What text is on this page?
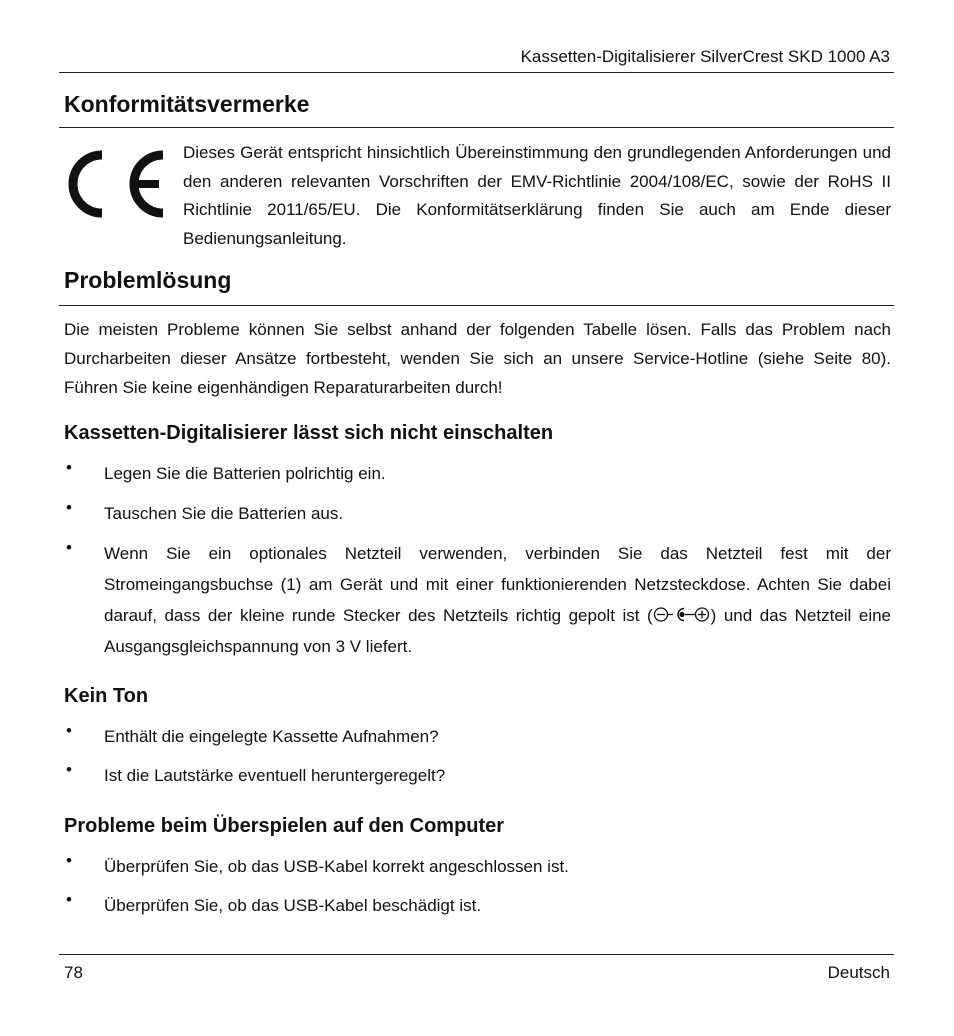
Kassetten-Digitalisierer SilverCrest SKD 1000 A3
Konformitätsvermerke
Dieses Gerät entspricht hinsichtlich Übereinstimmung den grundlegenden Anforderungen und den anderen relevanten Vorschriften der EMV-Richtlinie 2004/108/EC, sowie der RoHS II Richtlinie 2011/65/EU. Die Konformitätserklärung finden Sie auch am Ende dieser Bedienungsanleitung.
Problemlösung
Die meisten Probleme können Sie selbst anhand der folgenden Tabelle lösen. Falls das Problem nach Durcharbeiten dieser Ansätze fortbesteht, wenden Sie sich an unsere Service-Hotline (siehe Seite 80). Führen Sie keine eigenhändigen Reparaturarbeiten durch!
Kassetten-Digitalisierer lässt sich nicht einschalten
• Legen Sie die Batterien polrichtig ein.
• Tauschen Sie die Batterien aus.
• Wenn Sie ein optionales Netzteil verwenden, verbinden Sie das Netzteil fest mit der Stromeingangsbuchse (1) am Gerät und mit einer funktionierenden Netzsteckdose. Achten Sie dabei darauf, dass der kleine runde Stecker des Netzteils richtig gepolt ist (	) und das Netzteil eine Ausgangsgleichspannung von 3 V liefert.
Kein Ton
• Enthält die eingelegte Kassette Aufnahmen?
• Ist die Lautstärke eventuell heruntergeregelt?
Probleme beim Überspielen auf den Computer
• Überprüfen Sie, ob das USB-Kabel korrekt angeschlossen ist.
• Überprüfen Sie, ob das USB-Kabel beschädigt ist.
78	Deutsch
